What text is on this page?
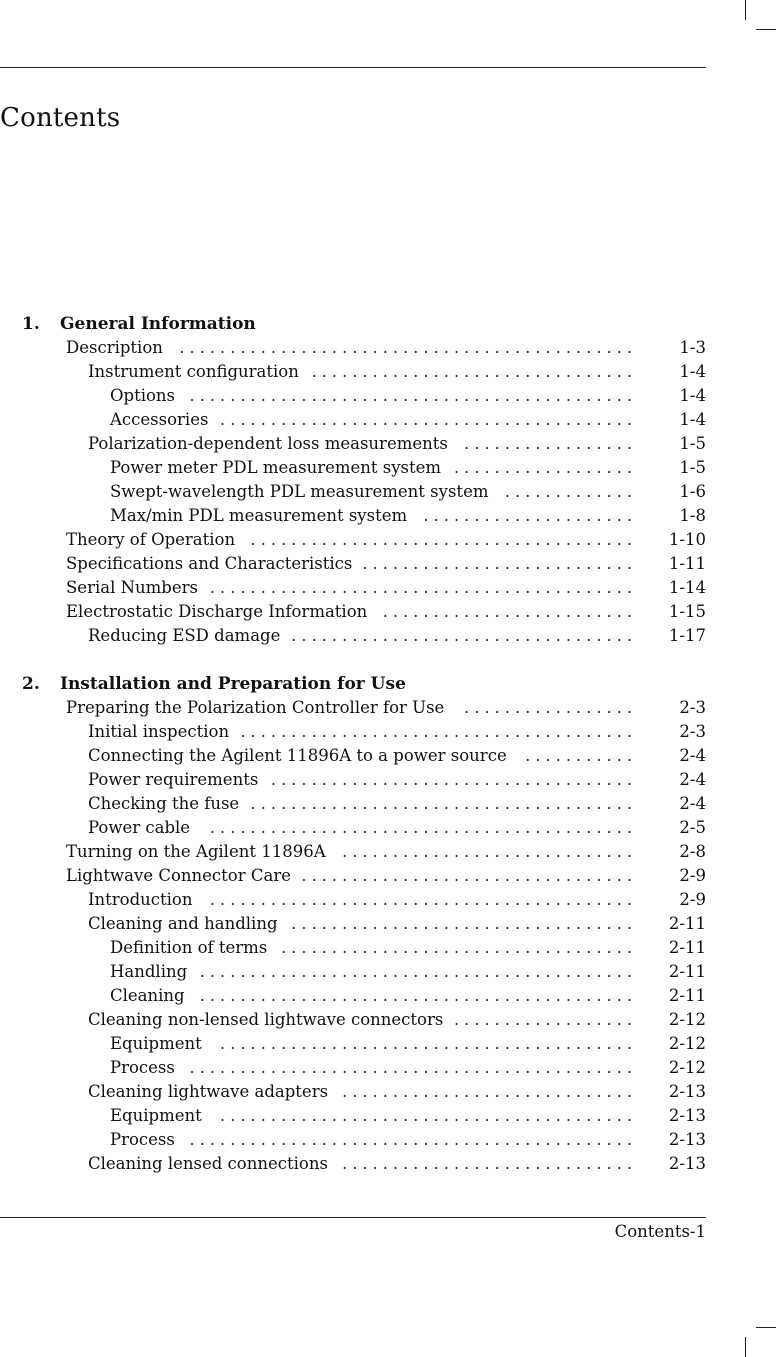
Contents
1. General Information
Description . . . . . . . . . . . . . . . . . . . . . . . . . . . . . . . . . . . . . . . . . . . . .	1-3
Instrument configuration . . . . . . . . . . . . . . . . . . . . . . . . . . . . . . . .	1-4
Options . . . . . . . . . . . . . . . . . . . . . . . . . . . . . . . . . . . . . . . . . . . .	1-4
Accessories . . . . . . . . . . . . . . . . . . . . . . . . . . . . . . . . . . . . . . . . .	1-4
Polarization-dependent loss measurements . . . . . . . . . . . . . . . . .	1-5
Power meter PDL measurement system . . . . . . . . . . . . . . . . . .	1-5
Swept-wavelength PDL measurement system . . . . . . . . . . . . .	1-6
Max/min PDL measurement system . . . . . . . . . . . . . . . . . . . . .	1-8
Theory of Operation . . . . . . . . . . . . . . . . . . . . . . . . . . . . . . . . . . . . . . 1-10
Specifications and Characteristics . . . . . . . . . . . . . . . . . . . . . . . . . . . 1-11
Serial Numbers . . . . . . . . . . . . . . . . . . . . . . . . . . . . . . . . . . . . . . . . . . 1-14
Electrostatic Discharge Information . . . . . . . . . . . . . . . . . . . . . . . . . 1-15
Reducing ESD damage . . . . . . . . . . . . . . . . . . . . . . . . . . . . . . . . . . 1-17
2. Installation and Preparation for Use
Preparing the Polarization Controller for Use . . . . . . . . . . . . . . . . .	2-3
Initial inspection . . . . . . . . . . . . . . . . . . . . . . . . . . . . . . . . . . . . . . .	2-3
Connecting the Agilent 11896A to a power source . . . . . . . . . . .	2-4
Power requirements . . . . . . . . . . . . . . . . . . . . . . . . . . . . . . . . . . . .	2-4
Checking the fuse . . . . . . . . . . . . . . . . . . . . . . . . . . . . . . . . . . . . . .	2-4
Power cable . . . . . . . . . . . . . . . . . . . . . . . . . . . . . . . . . . . . . . . . . .	2-5
Turning on the Agilent 11896A . . . . . . . . . . . . . . . . . . . . . . . . . . . . .	2-8
Lightwave Connector Care . . . . . . . . . . . . . . . . . . . . . . . . . . . . . . . . .	2-9
Introduction . . . . . . . . . . . . . . . . . . . . . . . . . . . . . . . . . . . . . . . . . .	2-9
Cleaning and handling . . . . . . . . . . . . . . . . . . . . . . . . . . . . . . . . . . 2-11
Definition of terms . . . . . . . . . . . . . . . . . . . . . . . . . . . . . . . . . . . 2-11
Handling . . . . . . . . . . . . . . . . . . . . . . . . . . . . . . . . . . . . . . . . . . . 2-11
Cleaning . . . . . . . . . . . . . . . . . . . . . . . . . . . . . . . . . . . . . . . . . . . 2-11
Cleaning non-lensed lightwave connectors . . . . . . . . . . . . . . . . . . 2-12
Equipment . . . . . . . . . . . . . . . . . . . . . . . . . . . . . . . . . . . . . . . . . 2-12
Process . . . . . . . . . . . . . . . . . . . . . . . . . . . . . . . . . . . . . . . . . . . . 2-12
Cleaning lightwave adapters . . . . . . . . . . . . . . . . . . . . . . . . . . . . . 2-13
Equipment . . . . . . . . . . . . . . . . . . . . . . . . . . . . . . . . . . . . . . . . . 2-13
Process . . . . . . . . . . . . . . . . . . . . . . . . . . . . . . . . . . . . . . . . . . . . 2-13
Cleaning lensed connections . . . . . . . . . . . . . . . . . . . . . . . . . . . . . 2-13
Contents-1
